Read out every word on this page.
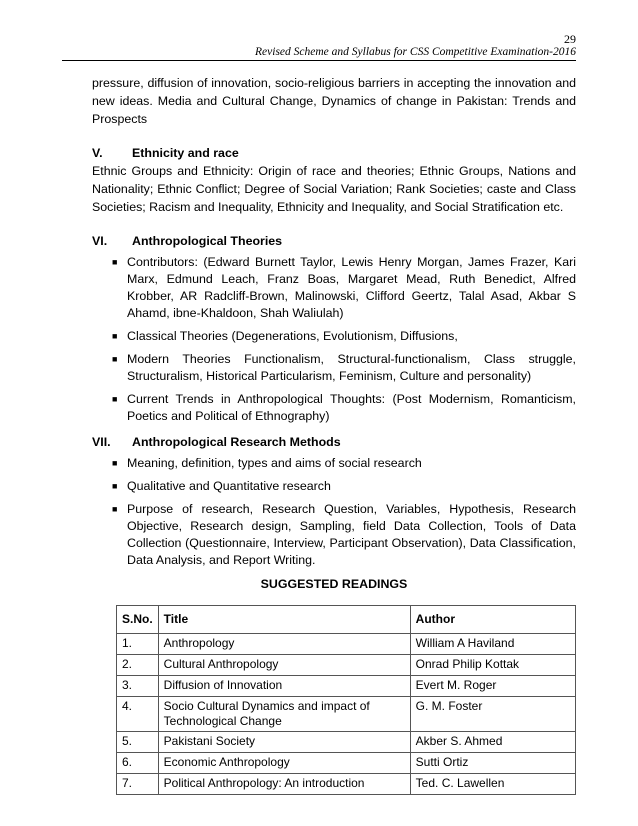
29
Revised Scheme and Syllabus for CSS Competitive Examination-2016

pressure, diffusion of innovation, socio-religious barriers in accepting the innovation and new ideas. Media and Cultural Change, Dynamics of change in Pakistan: Trends and Prospects

V.	Ethnicity and race

Ethnic Groups and Ethnicity: Origin of race and theories; Ethnic Groups, Nations and Nationality; Ethnic Conflict; Degree of Social Variation; Rank Societies; caste and Class Societies; Racism and Inequality, Ethnicity and Inequality, and Social Stratification etc.

VI.	Anthropological Theories
■ Contributors: (Edward Burnett Taylor, Lewis Henry Morgan, James Frazer, Kari Marx, Edmund Leach, Franz Boas, Margaret Mead, Ruth Benedict, Alfred Krobber, AR Radcliff-Brown, Malinowski, Clifford Geertz, Talal Asad, Akbar S Ahamd, ibne-Khaldoon, Shah Waliulah)
■ Classical Theories (Degenerations, Evolutionism, Diffusions,
■ Modern Theories Functionalism, Structural-functionalism, Class struggle, Structuralism, Historical Particularism, Feminism, Culture and personality)
■ Current Trends in Anthropological Thoughts: (Post Modernism, Romanticism, Poetics and Political of Ethnography)
VII.	Anthropological Research Methods
■ Meaning, definition, types and aims of social research
■ Qualitative and Quantitative research
■ Purpose of research, Research Question, Variables, Hypothesis, Research Objective, Research design, Sampling, field Data Collection, Tools of Data Collection (Questionnaire, Interview, Participant Observation), Data Classification, Data Analysis, and Report Writing.
SUGGESTED READINGS
S.No.	Title	Author
1.	Anthropology	William A Haviland
2.	Cultural Anthropology	Onrad Philip Kottak
3.	Diffusion of Innovation	Evert M. Roger
4.	Socio Cultural Dynamics and impact of Technological Change	G. M. Foster
5.	Pakistani Society	Akber S. Ahmed
6.	Economic Anthropology	Sutti Ortiz
7.	Political Anthropology: An introduction	Ted. C. Lawellen
